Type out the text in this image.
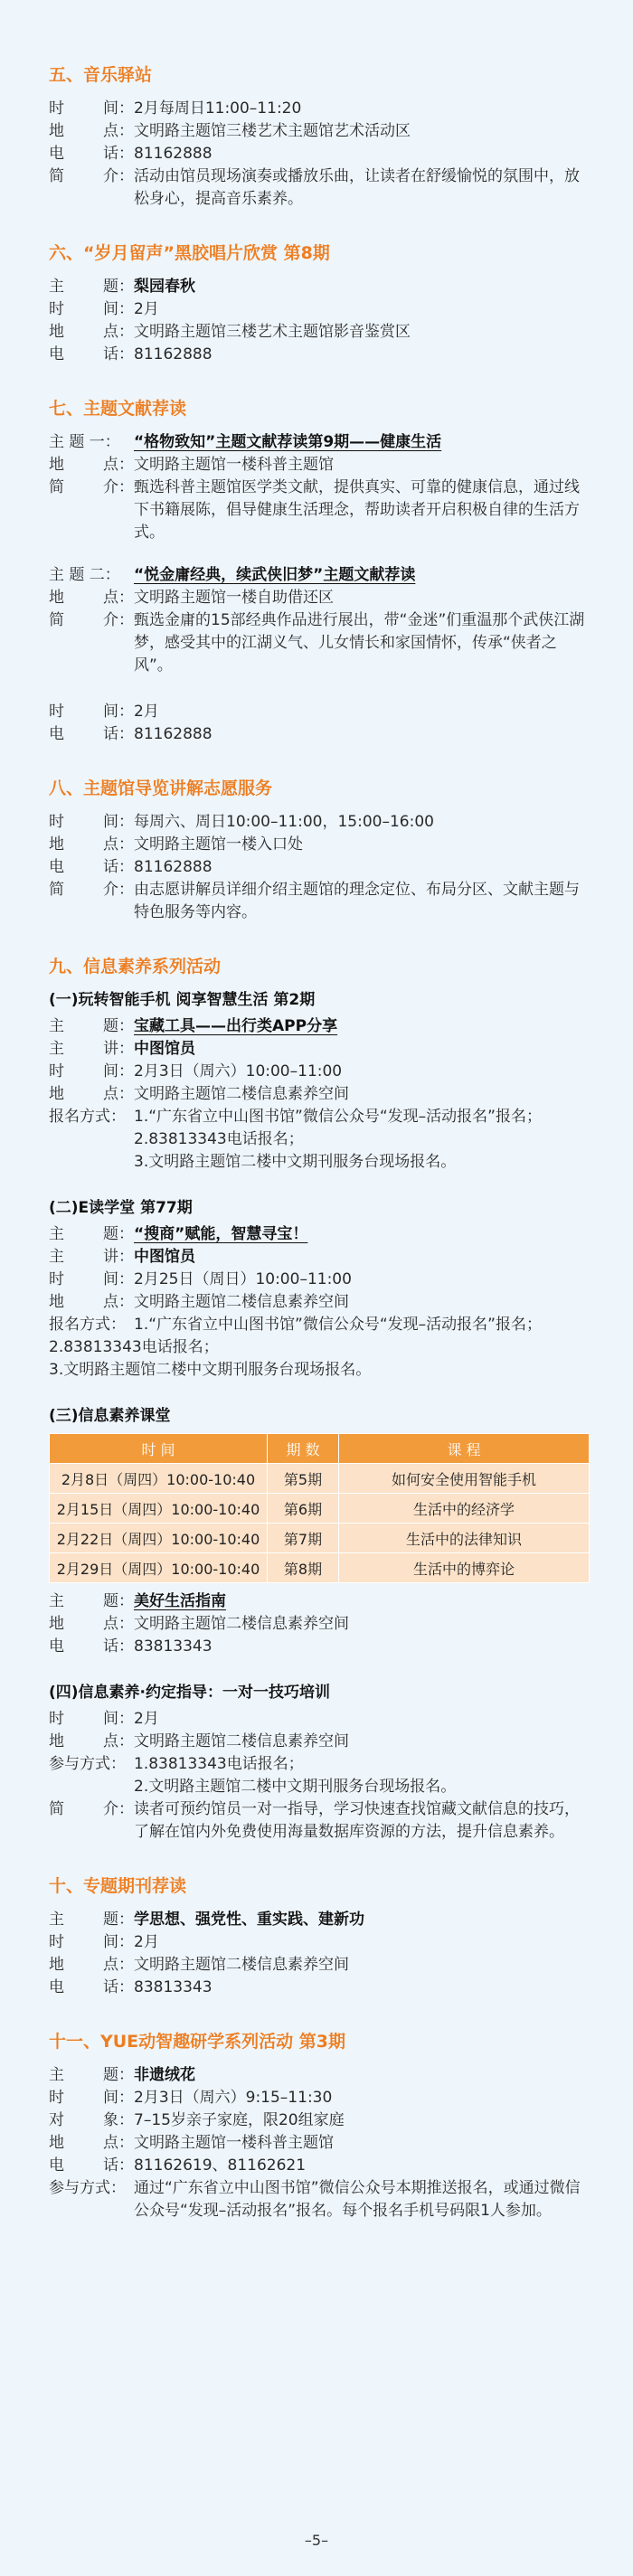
五、音乐驿站
时	间： 2月每周日11:00–11:20
地	点： 文明路主题馆三楼艺术主题馆艺术活动区
电	话： 81162888
简	介： 活动由馆员现场演奏或播放乐曲，让读者在舒缓愉悦的氛围中，放松身心，提高音乐素养。
六、“岁月留声”黑胶唱片欣赏 第8期
主	题： 梨园春秋
时	间： 2月
地	点： 文明路主题馆三楼艺术主题馆影音鉴赏区
电	话： 81162888
七、主题文献荐读
主 题 一： “格物致知”主题文献荐读第9期——健康生活
地	点： 文明路主题馆一楼科普主题馆
简	介： 甄选科普主题馆医学类文献，提供真实、可靠的健康信息，通过线下书籍展陈，倡导健康生活理念，帮助读者开启积极自律的生活方式。
主 题 二： “悦金庸经典，续武侠旧梦”主题文献荐读
地	点： 文明路主题馆一楼自助借还区
简	介： 甄选金庸的15部经典作品进行展出，带“金迷”们重温那个武侠江湖梦，感受其中的江湖义气、儿女情长和家国情怀，传承“侠者之风”。
时	间： 2月
电	话： 81162888
八、主题馆导览讲解志愿服务
时	间： 每周六、周日10:00–11:00，15:00–16:00
地	点： 文明路主题馆一楼入口处
电	话： 81162888
简	介： 由志愿讲解员详细介绍主题馆的理念定位、布局分区、文献主题与特色服务等内容。
九、信息素养系列活动
(一)玩转智能手机 阅享智慧生活 第2期
主	题： 宝藏工具——出行类APP分享
主	讲： 中图馆员
时	间： 2月3日（周六）10:00–11:00
地	点： 文明路主题馆二楼信息素养空间
报名方式： 1.“广东省立中山图书馆”微信公众号“发现–活动报名”报名；
2.83813343电话报名；
3.文明路主题馆二楼中文期刊服务台现场报名。
(二)E读学堂 第77期
主	题： “搜商”赋能，智慧寻宝！
主	讲： 中图馆员
时	间： 2月25日（周日）10:00–11:00
地	点： 文明路主题馆二楼信息素养空间
报名方式： 1.“广东省立中山图书馆”微信公众号“发现–活动报名”报名；
2.83813343电话报名；
3.文明路主题馆二楼中文期刊服务台现场报名。
(三)信息素养课堂
时 间	期 数	课 程
2月8日（周四）10:00-10:40	第5期	如何安全使用智能手机
2月15日（周四）10:00-10:40	第6期	生活中的经济学
2月22日（周四）10:00-10:40	第7期	生活中的法律知识
2月29日（周四）10:00-10:40	第8期	生活中的博弈论
主	题： 美好生活指南
地	点： 文明路主题馆二楼信息素养空间
电	话： 83813343
(四)信息素养·约定指导：一对一技巧培训
时	间： 2月
地	点： 文明路主题馆二楼信息素养空间
参与方式： 1.83813343电话报名；
2.文明路主题馆二楼中文期刊服务台现场报名。
简	介： 读者可预约馆员一对一指导，学习快速查找馆藏文献信息的技巧，了解在馆内外免费使用海量数据库资源的方法，提升信息素养。
十、专题期刊荐读
主	题： 学思想、强党性、重实践、建新功
时	间： 2月
地	点： 文明路主题馆二楼信息素养空间
电	话： 83813343
十一、YUE动智趣研学系列活动 第3期
主	题： 非遗绒花
时	间： 2月3日（周六）9:15–11:30
对	象： 7–15岁亲子家庭，限20组家庭
地	点： 文明路主题馆一楼科普主题馆
电	话： 81162619、81162621
参与方式： 通过“广东省立中山图书馆”微信公众号本期推送报名，或通过微信公众号“发现–活动报名”报名。每个报名手机号码限1人参加。
–5–
